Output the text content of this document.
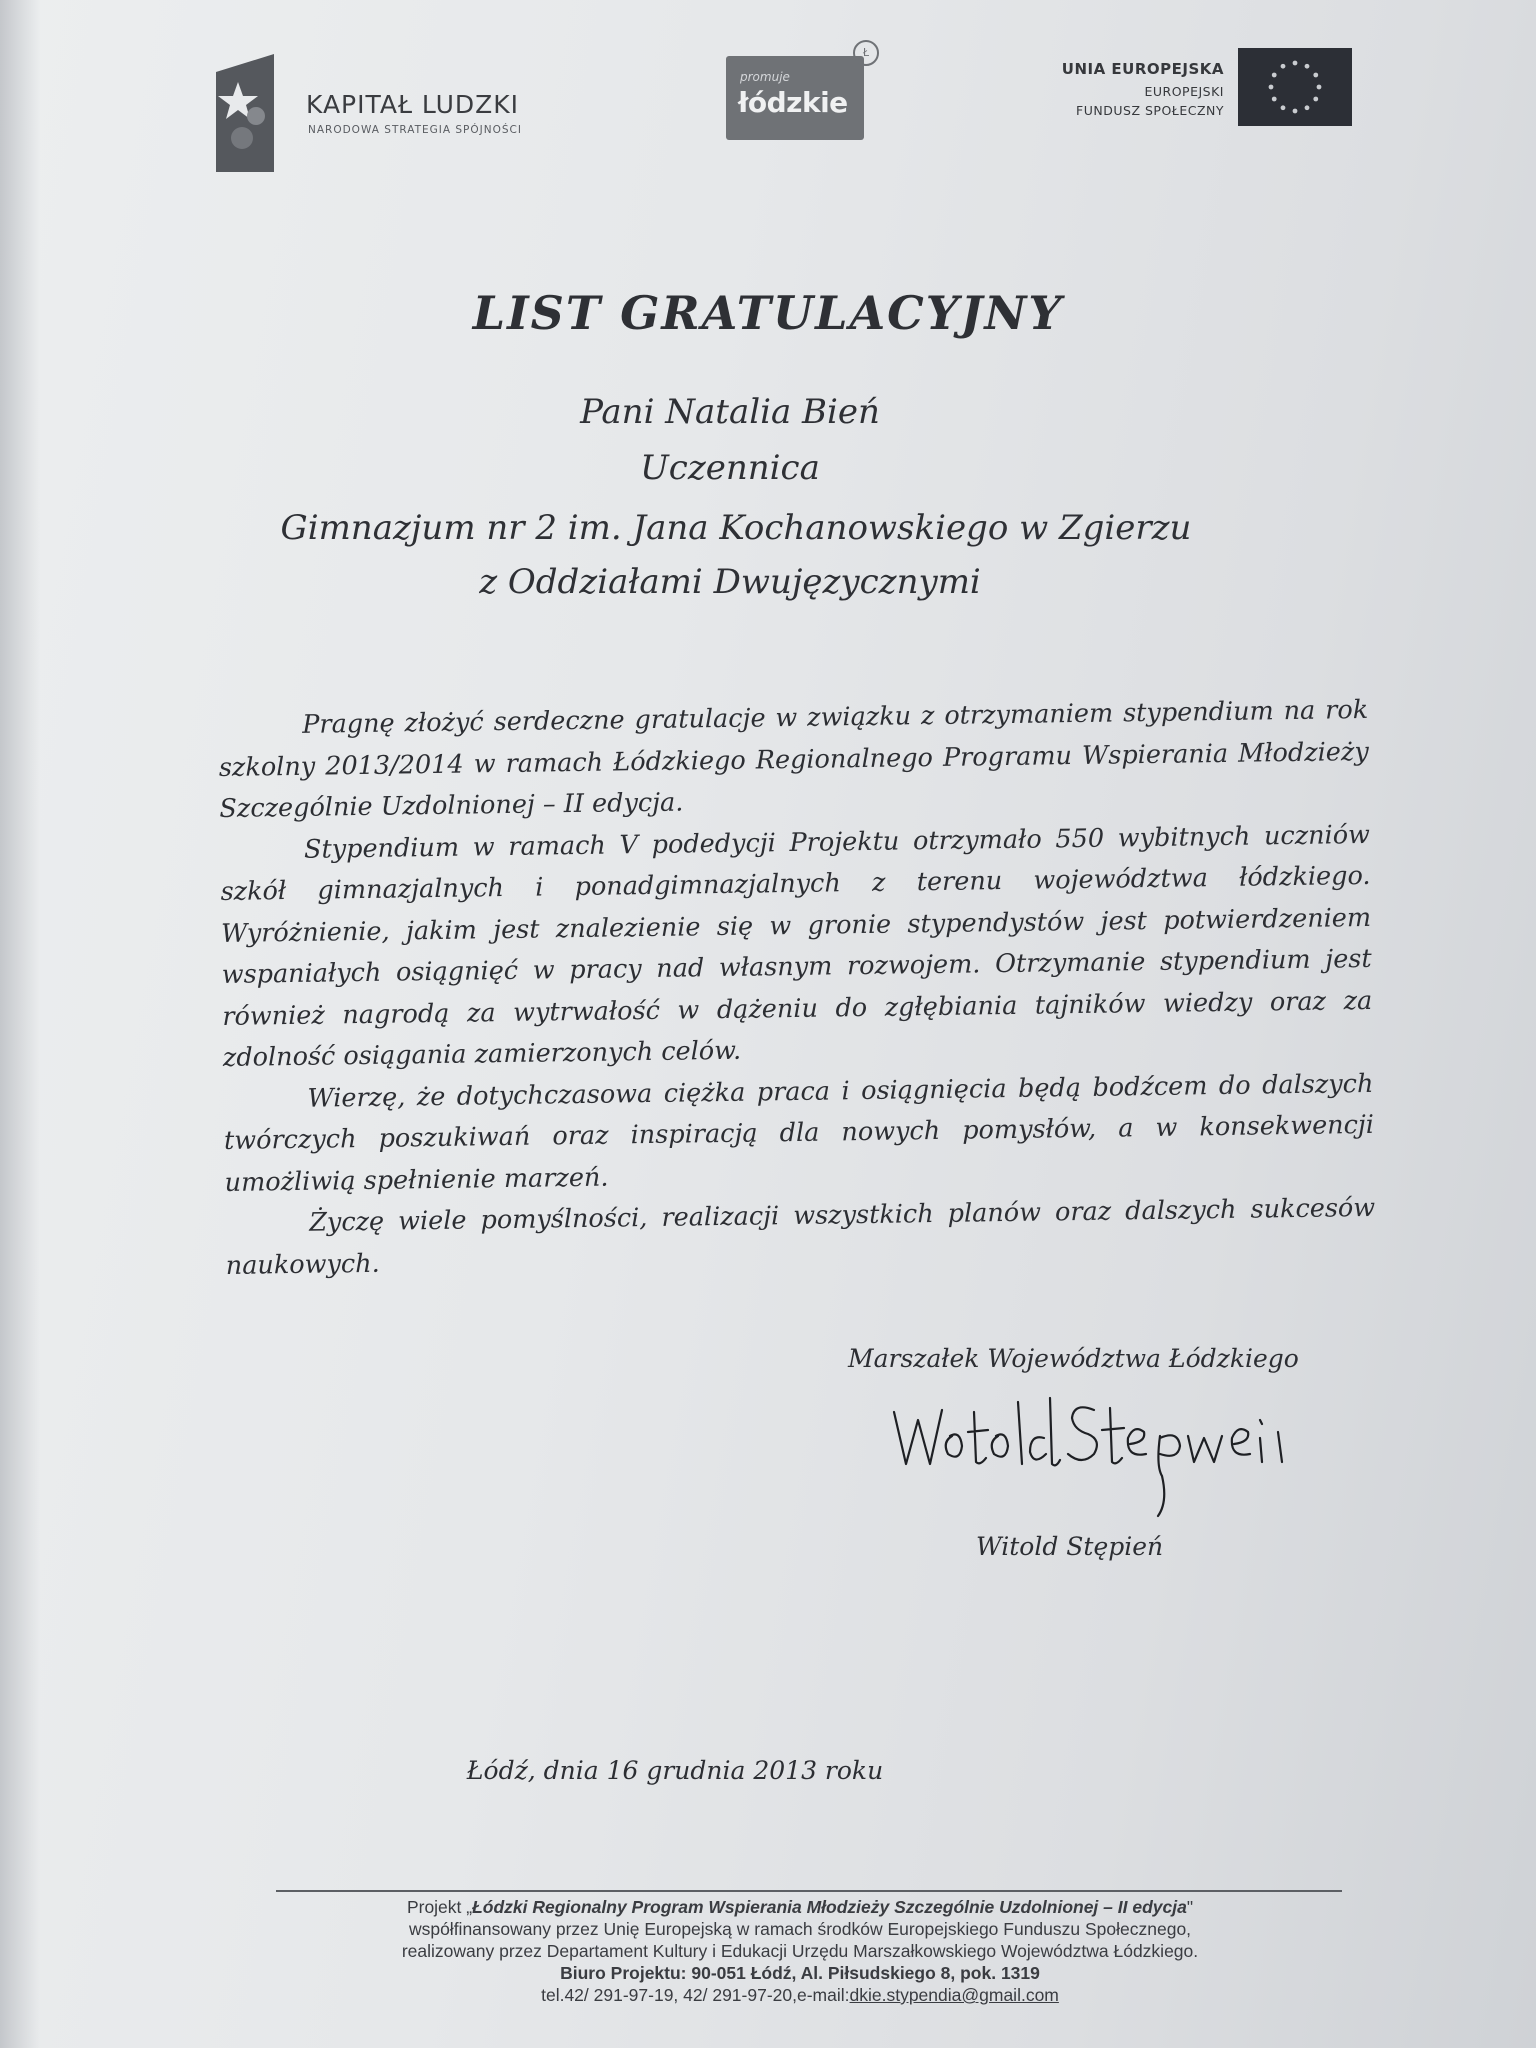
KAPITAŁ LUDZKI
NARODOWA STRATEGIA SPÓJNOŚCI
promuje
łódzkie
Ł
UNIA EUROPEJSKA
EUROPEJSKI
FUNDUSZ SPOŁECZNY
LIST GRATULACYJNY
Pani Natalia Bień
Uczennica
Gimnazjum nr 2 im. Jana Kochanowskiego w Zgierzu
z Oddziałami Dwujęzycznymi

Pragnę złożyć serdeczne gratulacje w związku z otrzymaniem stypendium na rok szkolny 2013/2014 w ramach Łódzkiego Regionalnego Programu Wspierania Młodzieży Szczególnie Uzdolnionej – II edycja.

Stypendium w ramach V podedycji Projektu otrzymało 550 wybitnych uczniów szkół gimnazjalnych i ponadgimnazjalnych z terenu województwa łódzkiego. Wyróżnienie, jakim jest znalezienie się w gronie stypendystów jest potwierdzeniem wspaniałych osiągnięć w pracy nad własnym rozwojem. Otrzymanie stypendium jest również nagrodą za wytrwałość w dążeniu do zgłębiania tajników wiedzy oraz za zdolność osiągania zamierzonych celów.

Wierzę, że dotychczasowa ciężka praca i osiągnięcia będą bodźcem do dalszych twórczych poszukiwań oraz inspiracją dla nowych pomysłów, a w konsekwencji umożliwią spełnienie marzeń.

Życzę wiele pomyślności, realizacji wszystkich planów oraz dalszych sukcesów naukowych.

Marszałek Województwa Łódzkiego
Witold Stępień
Łódź, dnia 16 grudnia 2013 roku
Projekt „Łódzki Regionalny Program Wspierania Młodzieży Szczególnie Uzdolnionej – II edycja"
współfinansowany przez Unię Europejską w ramach środków Europejskiego Funduszu Społecznego,
realizowany przez Departament Kultury i Edukacji Urzędu Marszałkowskiego Województwa Łódzkiego.
Biuro Projektu: 90-051 Łódź, Al. Piłsudskiego 8, pok. 1319
tel.42/ 291-97-19, 42/ 291-97-20,e-mail:dkie.stypendia@gmail.com
